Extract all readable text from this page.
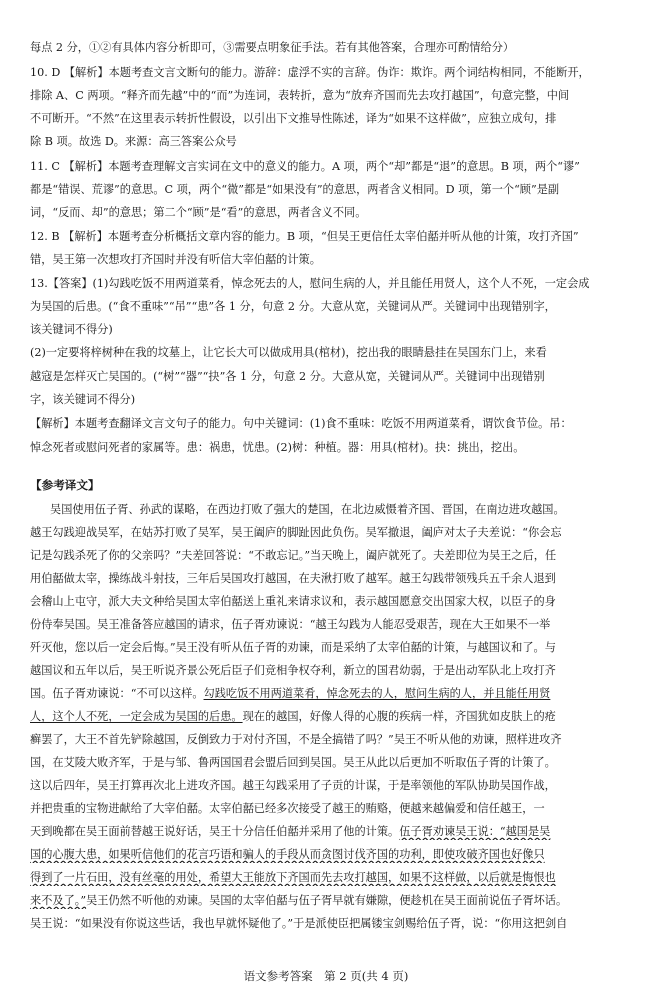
每点 2 分，①②有具体内容分析即可，③需要点明象征手法。若有其他答案，合理亦可酌情给分）
10. D 【解析】本题考查文言文断句的能力。游辞：虚浮不实的言辞。伪诈：欺诈。两个词结构相同，不能断开，
排除 A、C 两项。“释齐而先越”中的“而”为连词，表转折，意为“放弃齐国而先去攻打越国”，句意完整，中间
不可断开。“不然”在这里表示转折性假设，以引出下文推导性陈述，译为“如果不这样做”，应独立成句，排
除 B 项。故选 D。来源：高三答案公众号
11. C 【解析】本题考查理解文言实词在文中的意义的能力。A 项，两个“却”都是“退”的意思。B 项，两个“谬”
都是“错误、荒谬”的意思。C 项，两个“微”都是“如果没有”的意思，两者含义相同。D 项，第一个“顾”是副
词，“反而、却”的意思；第二个“顾”是“看”的意思，两者含义不同。
12. B 【解析】本题考查分析概括文章内容的能力。B 项，“但吴王更信任太宰伯嚭并听从他的计策，攻打齐国”
错，吴王第一次想攻打齐国时并没有听信大宰伯嚭的计策。
13.【答案】(1)勾践吃饭不用两道菜肴，悼念死去的人，慰问生病的人，并且能任用贤人，这个人不死，一定会成
为吴国的后患。(“食不重味”“吊”“患”各 1 分，句意 2 分。大意从宽，关键词从严。关键词中出现错别字，
该关键词不得分)
(2)一定要将梓树种在我的坟墓上，让它长大可以做成用具(棺材)，挖出我的眼睛悬挂在吴国东门上，来看
越寇是怎样灭亡吴国的。(“树”“器”“抉”各 1 分，句意 2 分。大意从宽，关键词从严。关键词中出现错别
字，该关键词不得分)
【解析】本题考查翻译文言文句子的能力。句中关键词：(1)食不重味：吃饭不用两道菜肴，谓饮食节俭。吊：
悼念死者或慰问死者的家属等。患：祸患，忧患。(2)树：种植。器：用具(棺材)。抉：挑出，挖出。
【参考译文】
吴国使用伍子胥、孙武的谋略，在西边打败了强大的楚国，在北边威慑着齐国、晋国，在南边进攻越国。
越王勾践迎战吴军，在姑苏打败了吴军，吴王阖庐的脚趾因此负伤。吴军撤退，阖庐对太子夫差说：“你会忘
记是勾践杀死了你的父亲吗？”夫差回答说：“不敢忘记。”当天晚上，阖庐就死了。夫差即位为吴王之后，任
用伯嚭做太宰，操练战斗射技，三年后吴国攻打越国，在夫湫打败了越军。越王勾践带领残兵五千余人退到
会稽山上屯守，派大夫文种给吴国太宰伯嚭送上重礼来请求议和，表示越国愿意交出国家大权，以臣子的身
份侍奉吴国。吴王准备答应越国的请求，伍子胥劝谏说：“越王勾践为人能忍受艰苦，现在大王如果不一举
歼灭他，您以后一定会后悔。”吴王没有听从伍子胥的劝谏，而是采纳了太宰伯嚭的计策，与越国议和了。与
越国议和五年以后，吴王听说齐景公死后臣子们竞相争权夺利，新立的国君幼弱，于是出动军队北上攻打齐
国。伍子胥劝谏说：“不可以这样。勾践吃饭不用两道菜肴，悼念死去的人，慰问生病的人，并且能任用贤
人，这个人不死，一定会成为吴国的后患。现在的越国，好像人得的心腹的疾病一样，齐国犹如皮肤上的疮
癣罢了，大王不首先铲除越国，反倒致力于对付齐国，不是全搞错了吗？”吴王不听从他的劝谏，照样进攻齐
国，在艾陵大败齐军，于是与邹、鲁两国国君会盟后回到吴国。吴王从此以后更加不听取伍子胥的计策了。
这以后四年，吴王打算再次北上进攻齐国。越王勾践采用了子贡的计谋，于是率领他的军队协助吴国作战，
并把贵重的宝物进献给了大宰伯嚭。太宰伯嚭已经多次接受了越王的贿赂，便越来越偏爱和信任越王，一
天到晚都在吴王面前替越王说好话，吴王十分信任伯嚭并采用了他的计策。伍子胥劝谏吴王说：“越国是吴
国的心腹大患，如果听信他们的花言巧语和骗人的手段从而贪图讨伐齐国的功利，即使攻破齐国也好像只
得到了一片石田，没有丝毫的用处，希望大王能放下齐国而先去攻打越国，如果不这样做，以后就是悔恨也
来不及了。”吴王仍然不听他的劝谏。吴国的太宰伯嚭与伍子胥早就有嫌隙，便趁机在吴王面前说伍子胥坏话。
吴王说：“如果没有你说这些话，我也早就怀疑他了。”于是派使臣把属镂宝剑赐给伍子胥，说：“你用这把剑自
语文参考答案　第 2 页(共 4 页)
